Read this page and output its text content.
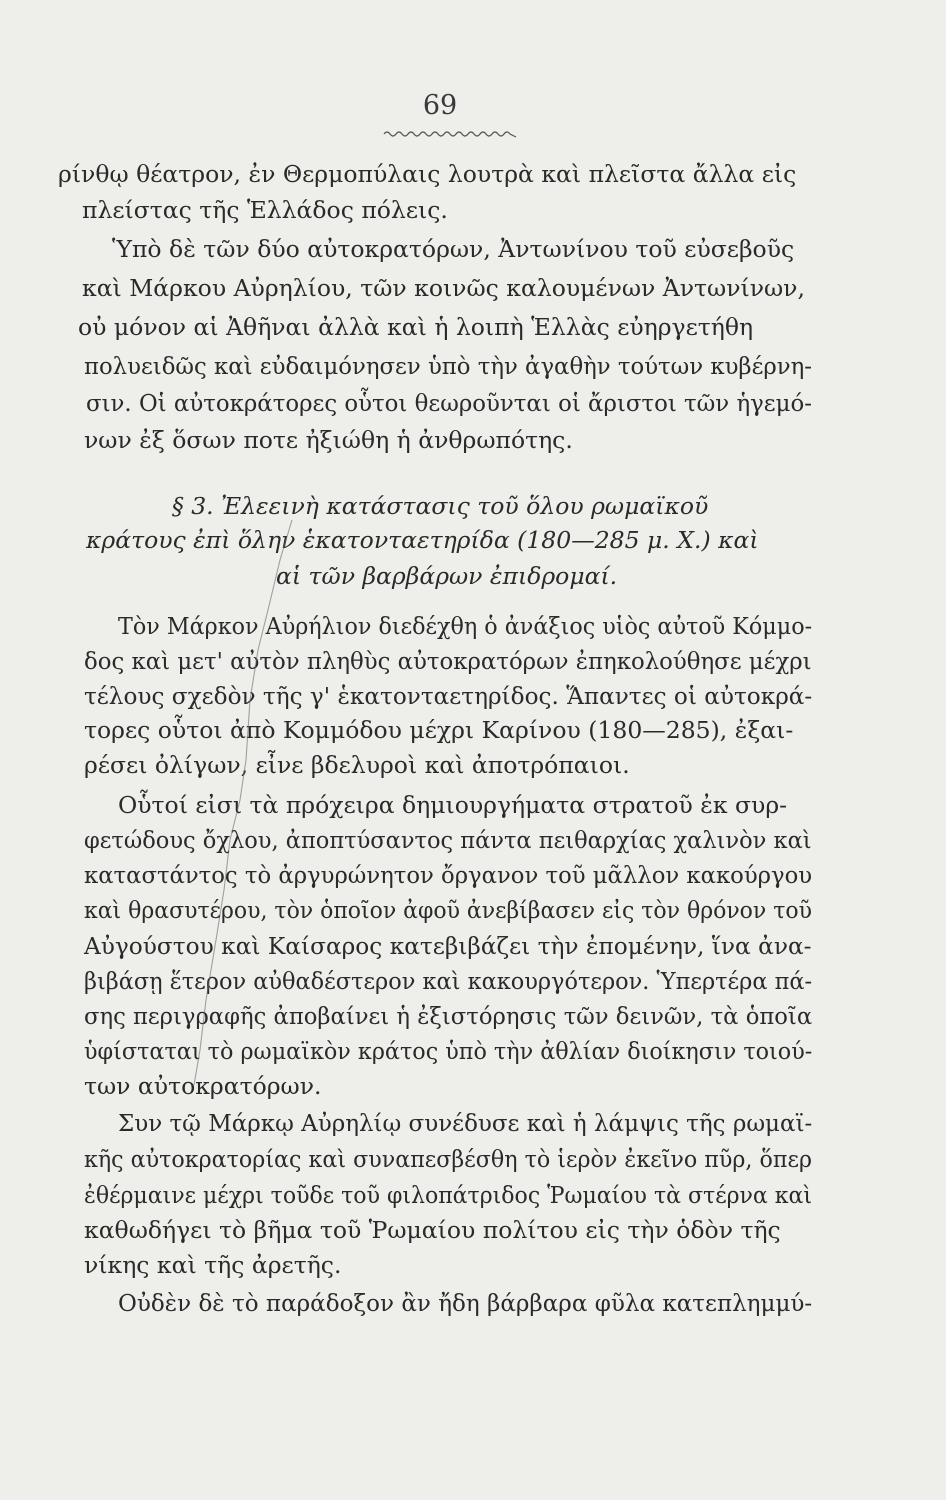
69
ρίνθῳ θέατρον, ἐν Θερμοπύλαις λουτρὰ καὶ πλεῖστα ἄλλα εἰς
πλείστας τῆς Ἑλλάδος πόλεις.
Ὑπὸ δὲ τῶν δύο αὐτοκρατόρων, Ἀντωνίνου τοῦ εὐσεβοῦς
καὶ Μάρκου Αὐρηλίου, τῶν κοινῶς καλουμένων Ἀντωνίνων,
οὐ μόνον αἱ Ἀθῆναι ἀλλὰ καὶ ἡ λοιπὴ Ἑλλὰς εὐηργετήθη
πολυειδῶς καὶ εὐδαιμόνησεν ὑπὸ τὴν ἀγαθὴν τούτων κυβέρνη-
σιν. Οἱ αὐτοκράτορες οὗτοι θεωροῦνται οἱ ἄριστοι τῶν ἡγεμό-
νων ἐξ ὅσων ποτε ἠξιώθη ἡ ἀνθρωπότης.
§ 3. Ἐλεεινὴ κατάστασις τοῦ ὅλου ρωμαϊκοῦ
κράτους ἐπὶ ὅλην ἑκατονταετηρίδα (180—285 μ. Χ.) καὶ
αἱ τῶν βαρβάρων ἐπιδρομαί.
Τὸν Μάρκον Αὐρήλιον διεδέχθη ὁ ἀνάξιος υἱὸς αὐτοῦ Κόμμο-
δος καὶ μετ' αὐτὸν πληθὺς αὐτοκρατόρων ἐπηκολούθησε μέχρι
τέλους σχεδὸν τῆς γ' ἑκατονταετηρίδος. Ἅπαντες οἱ αὐτοκρά-
τορες οὗτοι ἀπὸ Κομμόδου μέχρι Καρίνου (180—285), ἐξαι-
ρέσει ὀλίγων, εἶνε βδελυροὶ καὶ ἀποτρόπαιοι.
Οὗτοί εἰσι τὰ πρόχειρα δημιουργήματα στρατοῦ ἐκ συρ-
φετώδους ὄχλου, ἀποπτύσαντος πάντα πειθαρχίας χαλινὸν καὶ
καταστάντος τὸ ἀργυρώνητον ὄργανον τοῦ μᾶλλον κακούργου
καὶ θρασυτέρου, τὸν ὁποῖον ἀφοῦ ἀνεβίβασεν εἰς τὸν θρόνον τοῦ
Αὐγούστου καὶ Καίσαρος κατεβιβάζει τὴν ἐπομένην, ἵνα ἀνα-
βιβάσῃ ἕτερον αὐθαδέστερον καὶ κακουργότερον. Ὑπερτέρα πά-
σης περιγραφῆς ἀποβαίνει ἡ ἐξιστόρησις τῶν δεινῶν, τὰ ὁποῖα
ὑφίσταται τὸ ρωμαϊκὸν κράτος ὑπὸ τὴν ἀθλίαν διοίκησιν τοιού-
των αὐτοκρατόρων.
Συν τῷ Μάρκῳ Αὐρηλίῳ συνέδυσε καὶ ἡ λάμψις τῆς ρωμαϊ-
κῆς αὐτοκρατορίας καὶ συναπεσβέσθη τὸ ἱερὸν ἐκεῖνο πῦρ, ὅπερ
ἐθέρμαινε μέχρι τοῦδε τοῦ φιλοπάτριδος Ῥωμαίου τὰ στέρνα καὶ
καθωδήγει τὸ βῆμα τοῦ Ῥωμαίου πολίτου εἰς τὴν ὁδὸν τῆς
νίκης καὶ τῆς ἀρετῆς.
Οὐδὲν δὲ τὸ παράδοξον ἂν ἤδη βάρβαρα φῦλα κατεπλημμύ-
